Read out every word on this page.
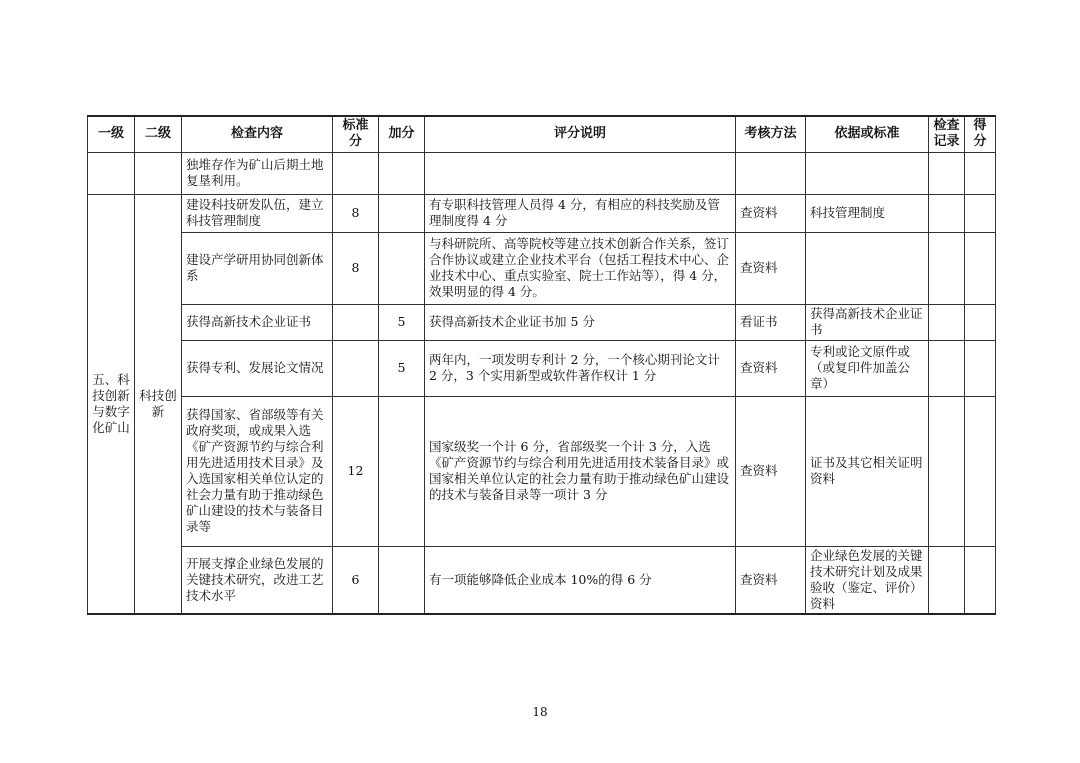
一级	二级	检查内容	标准分	加分	评分说明	考核方法	依据或标准	检查记录	得分
		独堆存作为矿山后期土地复垦利用。							
五、科技创新与数字化矿山	科技创新	建设科技研发队伍，建立科技管理制度	8		有专职科技管理人员得 4 分，有相应的科技奖励及管理制度得 4 分	查资料	科技管理制度		
		建设产学研用协同创新体系	8		与科研院所、高等院校等建立技术创新合作关系，签订合作协议或建立企业技术平台（包括工程技术中心、企业技术中心、重点实验室、院士工作站等），得 4 分，效果明显的得 4 分。	查资料			
		获得高新技术企业证书		5	获得高新技术企业证书加 5 分	看证书	获得高新技术企业证书		
		获得专利、发展论文情况		5	两年内，一项发明专利计 2 分，一个核心期刊论文计 2 分，3 个实用新型或软件著作权计 1 分	查资料	专利或论文原件或（或复印件加盖公章）		
		获得国家、省部级等有关政府奖项，或成果入选《矿产资源节约与综合利用先进适用技术目录》及入选国家相关单位认定的社会力量有助于推动绿色矿山建设的技术与装备目录等	12		国家级奖一个计 6 分，省部级奖一个计 3 分，入选《矿产资源节约与综合利用先进适用技术装备目录》或国家相关单位认定的社会力量有助于推动绿色矿山建设的技术与装备目录等一项计 3 分	查资料	证书及其它相关证明资料		
		开展支撑企业绿色发展的关键技术研究，改进工艺技术水平	6		有一项能够降低企业成本 10%的得 6 分	查资料	企业绿色发展的关键技术研究计划及成果验收（鉴定、评价）资料		
18
